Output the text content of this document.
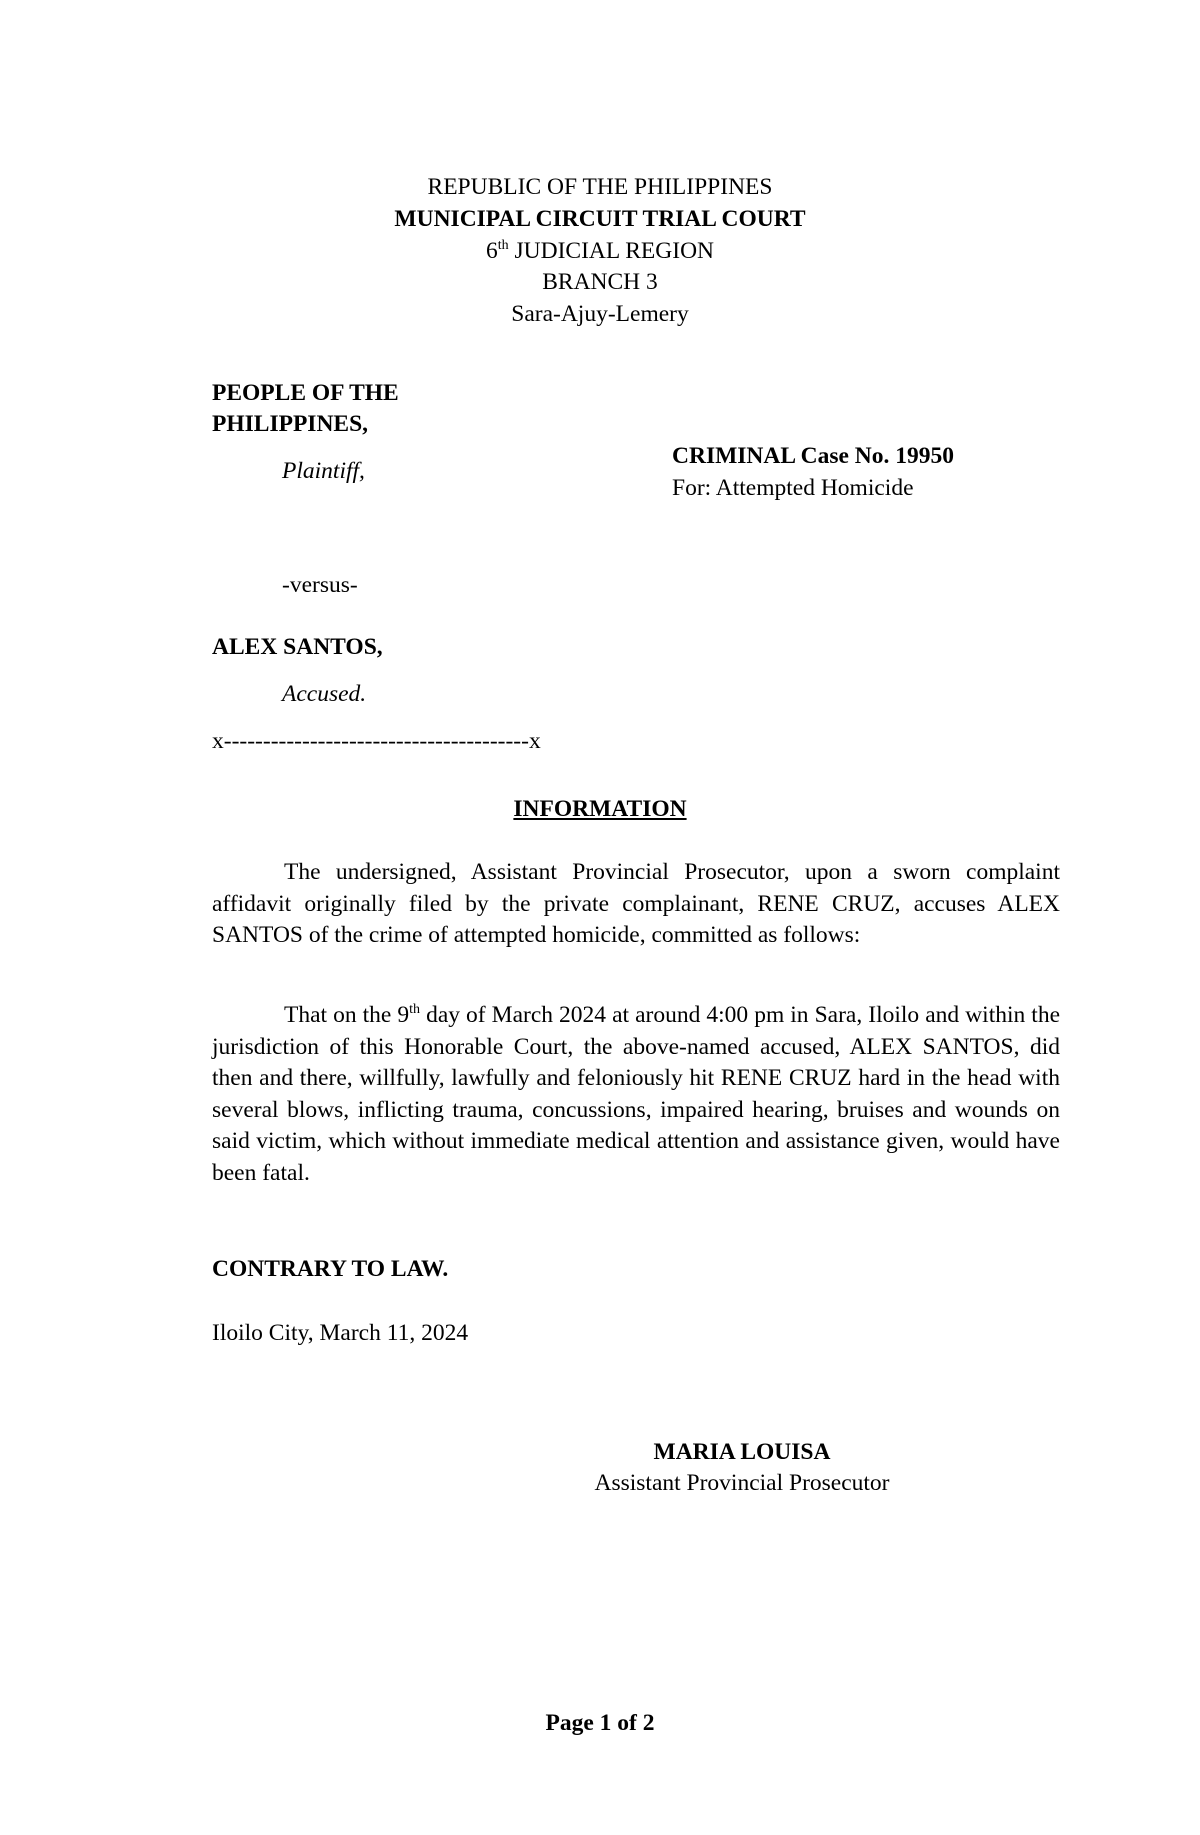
REPUBLIC OF THE PHILIPPINES

MUNICIPAL CIRCUIT TRIAL COURT

6th JUDICIAL REGION

BRANCH 3

Sara-Ajuy-Lemery

PEOPLE OF THE

PHILIPPINES,

Plaintiff,

-versus-

ALEX SANTOS,

Accused.

x---------------------------------------x

CRIMINAL Case No. 19950

For: Attempted Homicide

INFORMATION

The undersigned, Assistant Provincial Prosecutor, upon a sworn complaint affidavit originally filed by the private complainant, RENE CRUZ, accuses ALEX SANTOS of the crime of attempted homicide, committed as follows:

That on the 9th day of March 2024 at around 4:00 pm in Sara, Iloilo and within the jurisdiction of this Honorable Court, the above-named accused, ALEX SANTOS, did then and there, willfully, lawfully and feloniously hit RENE CRUZ hard in the head with several blows, inflicting trauma, concussions, impaired hearing, bruises and wounds on said victim, which without immediate medical attention and assistance given, would have been fatal.

CONTRARY TO LAW.

Iloilo City, March 11, 2024

MARIA LOUISA

Assistant Provincial Prosecutor

Page 1 of 2
